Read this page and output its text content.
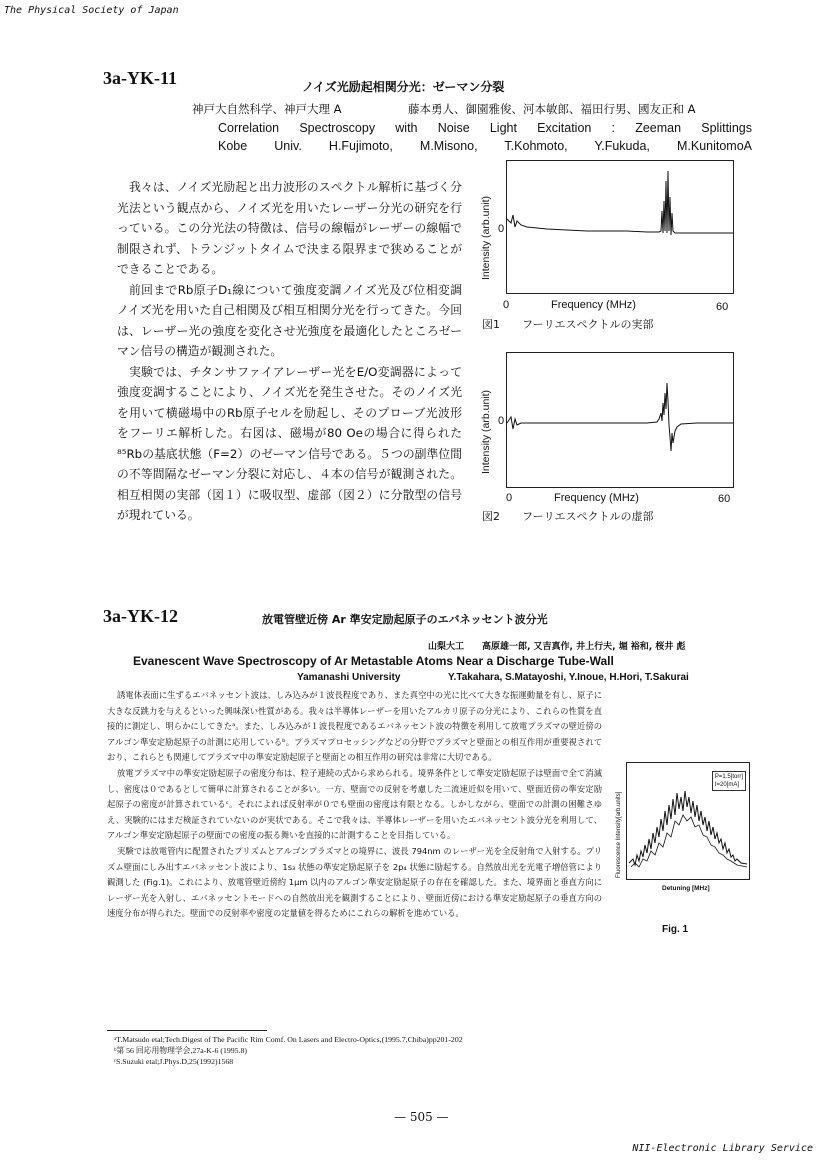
The Physical Society of Japan
NII-Electronic Library Service
3a-YK-11	ノイズ光励起相関分光：ゼーマン分裂
神戸大自然科学、神戸大理 A	藤本勇人、御園雅俊、河本敏郎、福田行男、國友正和 A
Correlation Spectroscopy with Noise Light Excitation : Zeeman Splittings
Kobe Univ. H.Fujimoto, M.Misono, T.Kohmoto, Y.Fukuda, M.KunitomoA

我々は、ノイズ光励起と出力波形のスペクトル解析に基づく分光法という観点から、ノイズ光を用いたレーザー分光の研究を行っている。この分光法の特徴は、信号の線幅がレーザーの線幅で制限されず、トランジットタイムで決まる限界まで狭めることができることである。

前回までRb原子D₁線について強度変調ノイズ光及び位相変調ノイズ光を用いた自己相関及び相互相関分光を行ってきた。今回は、レーザー光の強度を変化させ光強度を最適化したところゼーマン信号の構造が観測された。

実験では、チタンサファイアレーザー光をE/O変調器によって強度変調することにより、ノイズ光を発生させた。そのノイズ光を用いて横磁場中のRb原子セルを励起し、そのプローブ光波形をフーリエ解析した。右図は、磁場が80 Oeの場合に得られた⁸⁵Rbの基底状態（F=2）のゼーマン信号である。５つの副準位間の不等間隔なゼーマン分裂に対応し、４本の信号が観測された。相互相関の実部（図１）に吸収型、虚部（図２）に分散型の信号が現れている。

Intensity (arb.unit) 0
0	Frequency (MHz)	60
図1　　フーリエスペクトルの実部
Intensity (arb.unit) 0
0	Frequency (MHz)	60
図2　　フーリエスペクトルの虚部
3a-YK-12	放電管壁近傍 Ar 準安定励起原子のエバネッセント波分光
山梨大工　　高原雄一郎, 又吉真作, 井上行夫, 堀 裕和, 桜井 彪
Evanescent Wave Spectroscopy of Ar Metastable Atoms Near a Discharge Tube-Wall
Yamanashi University	Y.Takahara, S.Matayoshi, Y.Inoue, H.Hori, T.Sakurai

誘電体表面に生ずるエバネッセント波は、しみ込みが１波長程度であり、また真空中の光に比べて大きな振運動量を有し、原子に大きな反跳力を与えるといった興味深い性質がある。我々は半導体レーザーを用いたアルカリ原子の分光により、これらの性質を直接的に測定し、明らかにしてきたᵃ。また、しみ込みが１波長程度であるエバネッセント波の特徴を利用して放電プラズマの壁近傍のアルゴン準安定励起原子の計測に応用しているᵇ。プラズマプロセッシングなどの分野でプラズマと壁面との相互作用が重要視されており、これらとも関連してプラズマ中の準安定励起原子と壁面との相互作用の研究は非常に大切である。

放電プラズマ中の準安定励起原子の密度分布は、粒子連続の式から求められる。境界条件として準安定励起原子は壁面で全て消滅し、密度は０であるとして簡単に計算されることが多い。一方、壁面での反射を考慮した二流速近似を用いて、壁面近傍の準安定励起原子の密度が計算されているᶜ。それによれば反射率が０でも壁面の密度は有限となる。しかしながら、壁面での計測の困難さゆえ、実験的にはまだ検証されていないのが実状である。そこで我々は、半導体レーザーを用いたエバネッセント波分光を利用して、アルゴン準安定励起原子の壁面での密度の振る舞いを直接的に計測することを目指している。

実験では放電管内に配置されたプリズムとアルゴンプラズマとの境界に、波長 794nm のレーザー光を全反射角で入射する。プリズム壁面にしみ出すエバネッセント波により、1s₃ 状態の準安定励起原子を 2p₄ 状態に励起する。自然放出光を光電子増倍管により観測した (Fig.1)。これにより、放電管壁近傍約 1μm 以内のアルゴン準安定励起原子の存在を確認した。また、境界面と垂直方向にレーザー光を入射し、エバネッセントモードへの自然放出光を観測することにより、壁面近傍における準安定励起原子の垂直方向の速度分布が得られた。壁面での反射率や密度の定量値を得るためにこれらの解析を進めている。

ᵃT.Matsudo etal;Tech.Digest of The Pacific Rim Comf. On Lasers and Electro-Optics,(1995.7,Chiba)pp201-202
ᵇ第 56 回応用物理学会,27a-K-6 (1995.8)
ᶜS.Suzuki etal;J.Phys.D,25(1992)1568
P=1.5[torr]
I=20[mA]
Fluorescence Intensity[arb.units]
Detuning [MHz]
Fig. 1
— 505 —
